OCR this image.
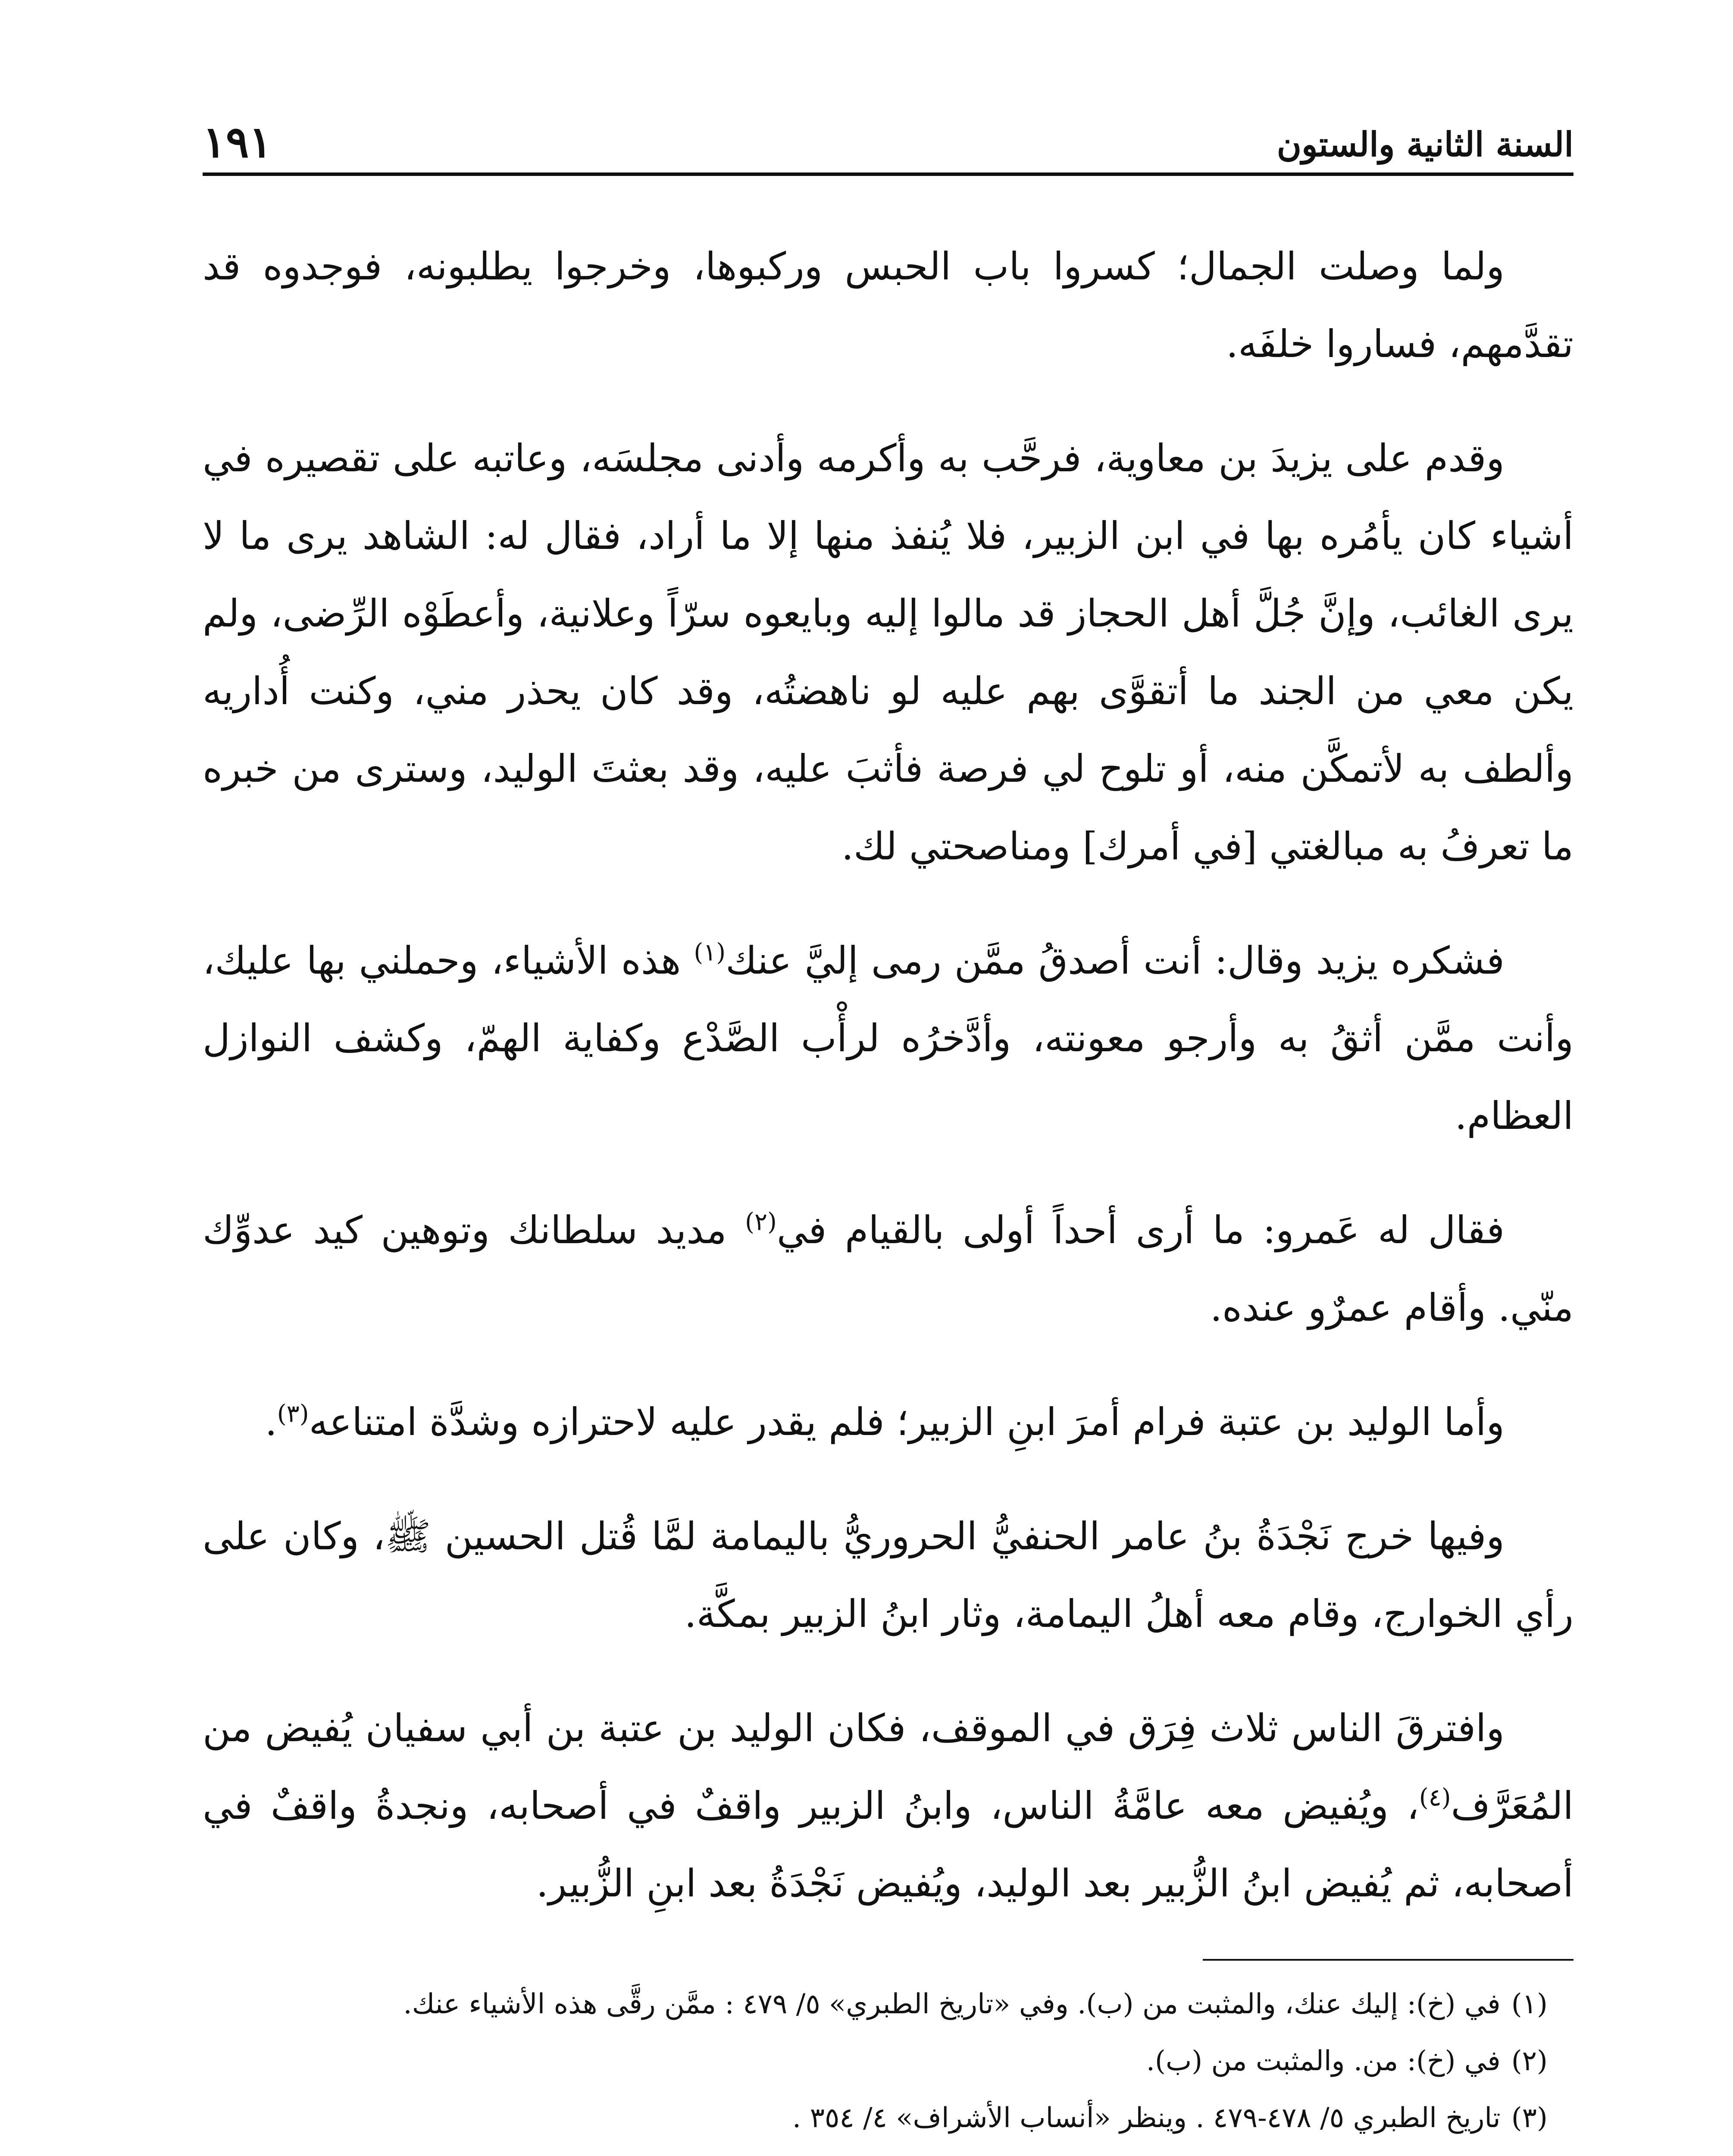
السنة الثانية والستون
١٩١

ولما وصلت الجمال؛ كسروا باب الحبس وركبوها، وخرجوا يطلبونه، فوجدوه قد تقدَّمهم، فساروا خلفَه.

وقدم على يزيدَ بن معاوية، فرحَّب به وأكرمه وأدنى مجلسَه، وعاتبه على تقصيره في أشياء كان يأمُره بها في ابن الزبير، فلا يُنفذ منها إلا ما أراد، فقال له: الشاهد يرى ما لا يرى الغائب، وإنَّ جُلَّ أهل الحجاز قد مالوا إليه وبايعوه سرّاً وعلانية، وأعطَوْه الرِّضى، ولم يكن معي من الجند ما أتقوَّى بهم عليه لو ناهضتُه، وقد كان يحذر مني، وكنت أُداريه وألطف به لأتمكَّن منه، أو تلوح لي فرصة فأثبَ عليه، وقد بعثتَ الوليد، وسترى من خبره ما تعرفُ به مبالغتي [في أمرك] ومناصحتي لك.

فشكره يزيد وقال: أنت أصدقُ ممَّن رمى إليَّ عنك$^{(١)}$ هذه الأشياء، وحملني بها عليك، وأنت ممَّن أثقُ به وأرجو معونته، وأدَّخرُه لرأْب الصَّدْع وكفاية الهمّ، وكشف النوازل العظام.

فقال له عَمرو: ما أرى أحداً أولى بالقيام في$^{(٢)}$ مديد سلطانك وتوهين كيد عدوِّك منّي. وأقام عمرٌو عنده.

وأما الوليد بن عتبة فرام أمرَ ابنِ الزبير؛ فلم يقدر عليه لاحترازه وشدَّة امتناعه$^{(٣)}$.

وفيها خرج نَجْدَةُ بنُ عامر الحنفيُّ الحروريُّ باليمامة لمَّا قُتل الحسين ﷺ، وكان على رأي الخوارج، وقام معه أهلُ اليمامة، وثار ابنُ الزبير بمكَّة.

وافترقَ الناس ثلاث فِرَق في الموقف، فكان الوليد بن عتبة بن أبي سفيان يُفيض من المُعَرَّف$^{(٤)}$، ويُفيض معه عامَّةُ الناس، وابنُ الزبير واقفٌ في أصحابه، ونجدةُ واقفٌ في أصحابه، ثم يُفيض ابنُ الزُّبير بعد الوليد، ويُفيض نَجْدَةُ بعد ابنِ الزُّبير.

(١)في (خ): إليك عنك، والمثبت من (ب). وفي «تاريخ الطبري» ٥/ ٤٧٩ : ممَّن رقَّى هذه الأشياء عنك.

(٢)في (خ): من. والمثبت من (ب).

(٣)تاريخ الطبري ٥/ ٤٧٨-٤٧٩ . وينظر «أنساب الأشراف» ٤/ ٣٥٤ .
